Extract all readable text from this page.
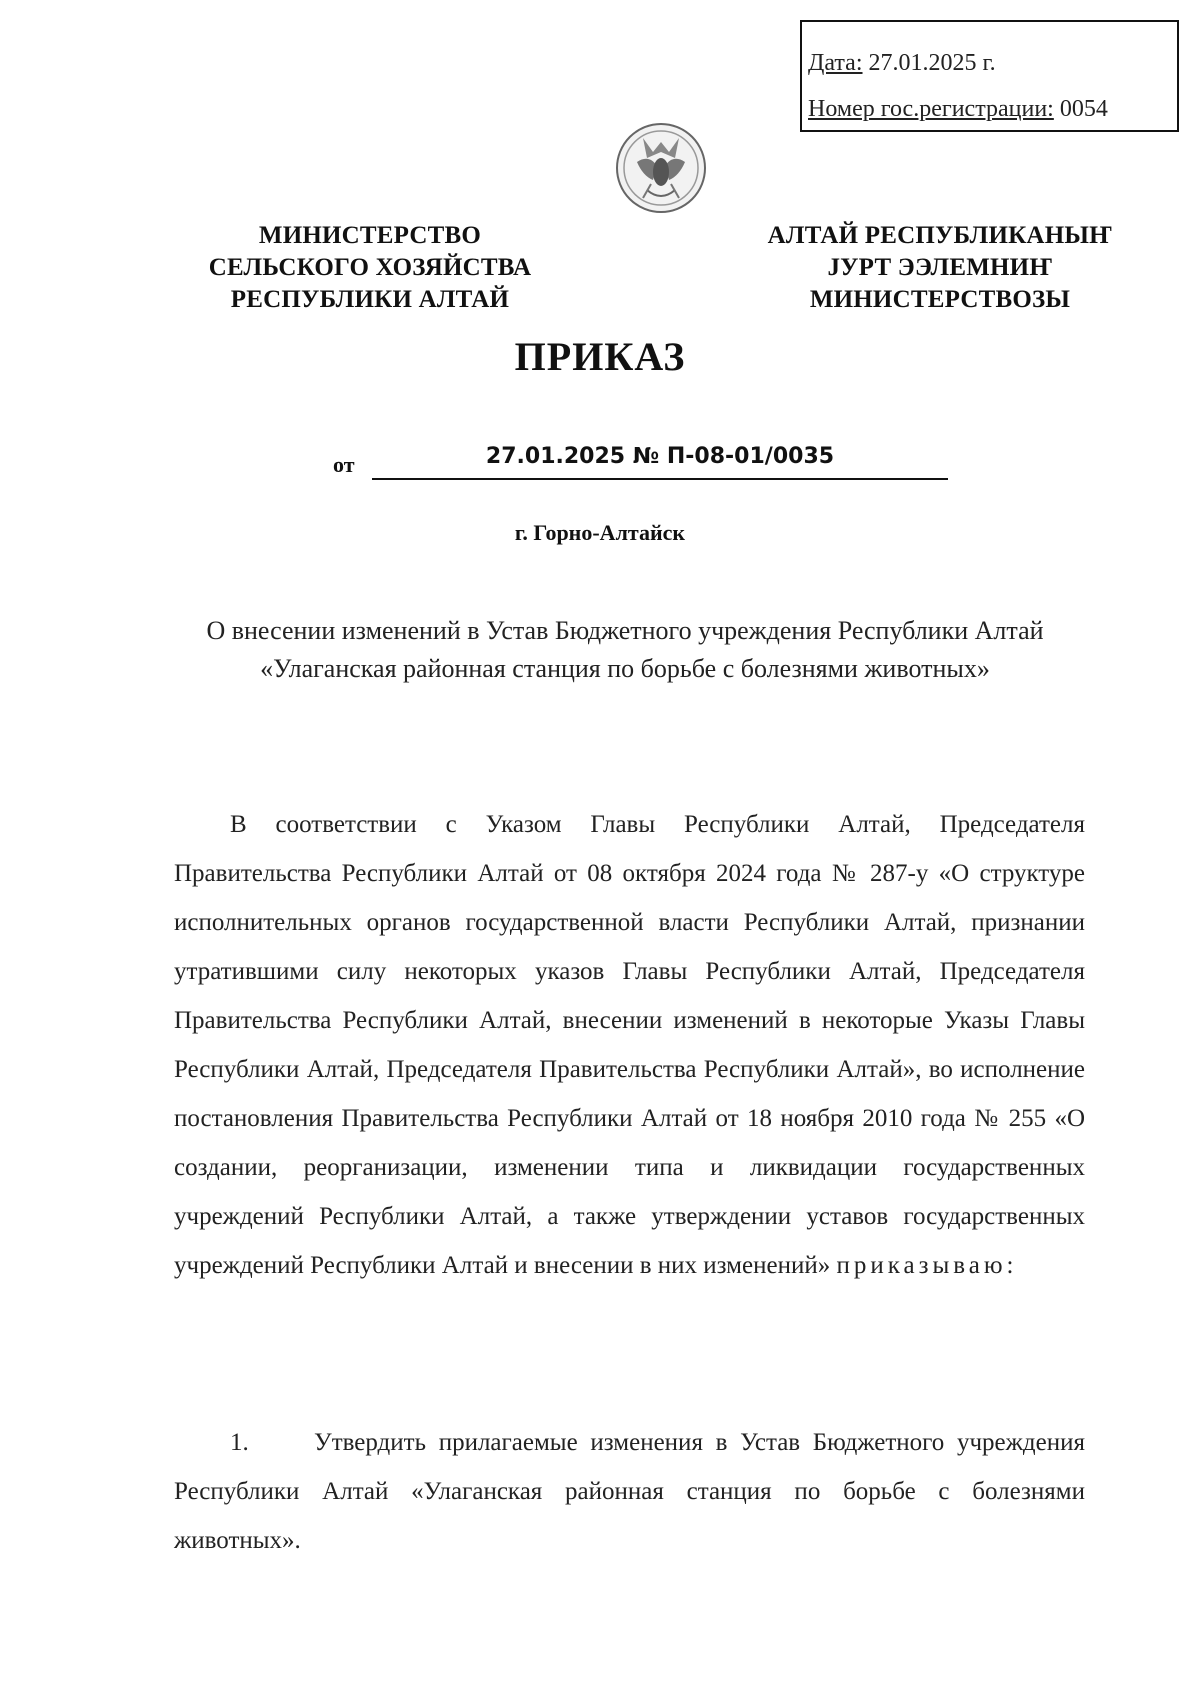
Дата: 27.01.2025 г.
Номер гос.регистрации: 0054
МИНИСТЕРСТВО
СЕЛЬСКОГО ХОЗЯЙСТВА
РЕСПУБЛИКИ АЛТАЙ
АЛТАЙ РЕСПУБЛИКАНЫҤ
ЈУРТ ЭЭЛЕМНИҤ
МИНИСТЕРСТВОЗЫ
ПРИКАЗ
от	27.01.2025 № П-08-01/0035
г. Горно-Алтайск
О внесении изменений в Устав Бюджетного учреждения Республики Алтай «Улаганская районная станция по борьбе с болезнями животных»

В соответствии с Указом Главы Республики Алтай, Председателя Правительства Республики Алтай от 08 октября 2024 года № 287-у «О структуре исполнительных органов государственной власти Республики Алтай, признании утратившими силу некоторых указов Главы Республики Алтай, Председателя Правительства Республики Алтай, внесении изменений в некоторые Указы Главы Республики Алтай, Председателя Правительства Республики Алтай», во исполнение постановления Правительства Республики Алтай от 18 ноября 2010 года № 255 «О создании, реорганизации, изменении типа и ликвидации государственных учреждений Республики Алтай, а также утверждении уставов государственных учреждений Республики Алтай и внесении в них изменений» приказываю:

1.	Утвердить прилагаемые изменения в Устав Бюджетного учреждения Республики Алтай «Улаганская районная станция по борьбе с болезнями животных».
